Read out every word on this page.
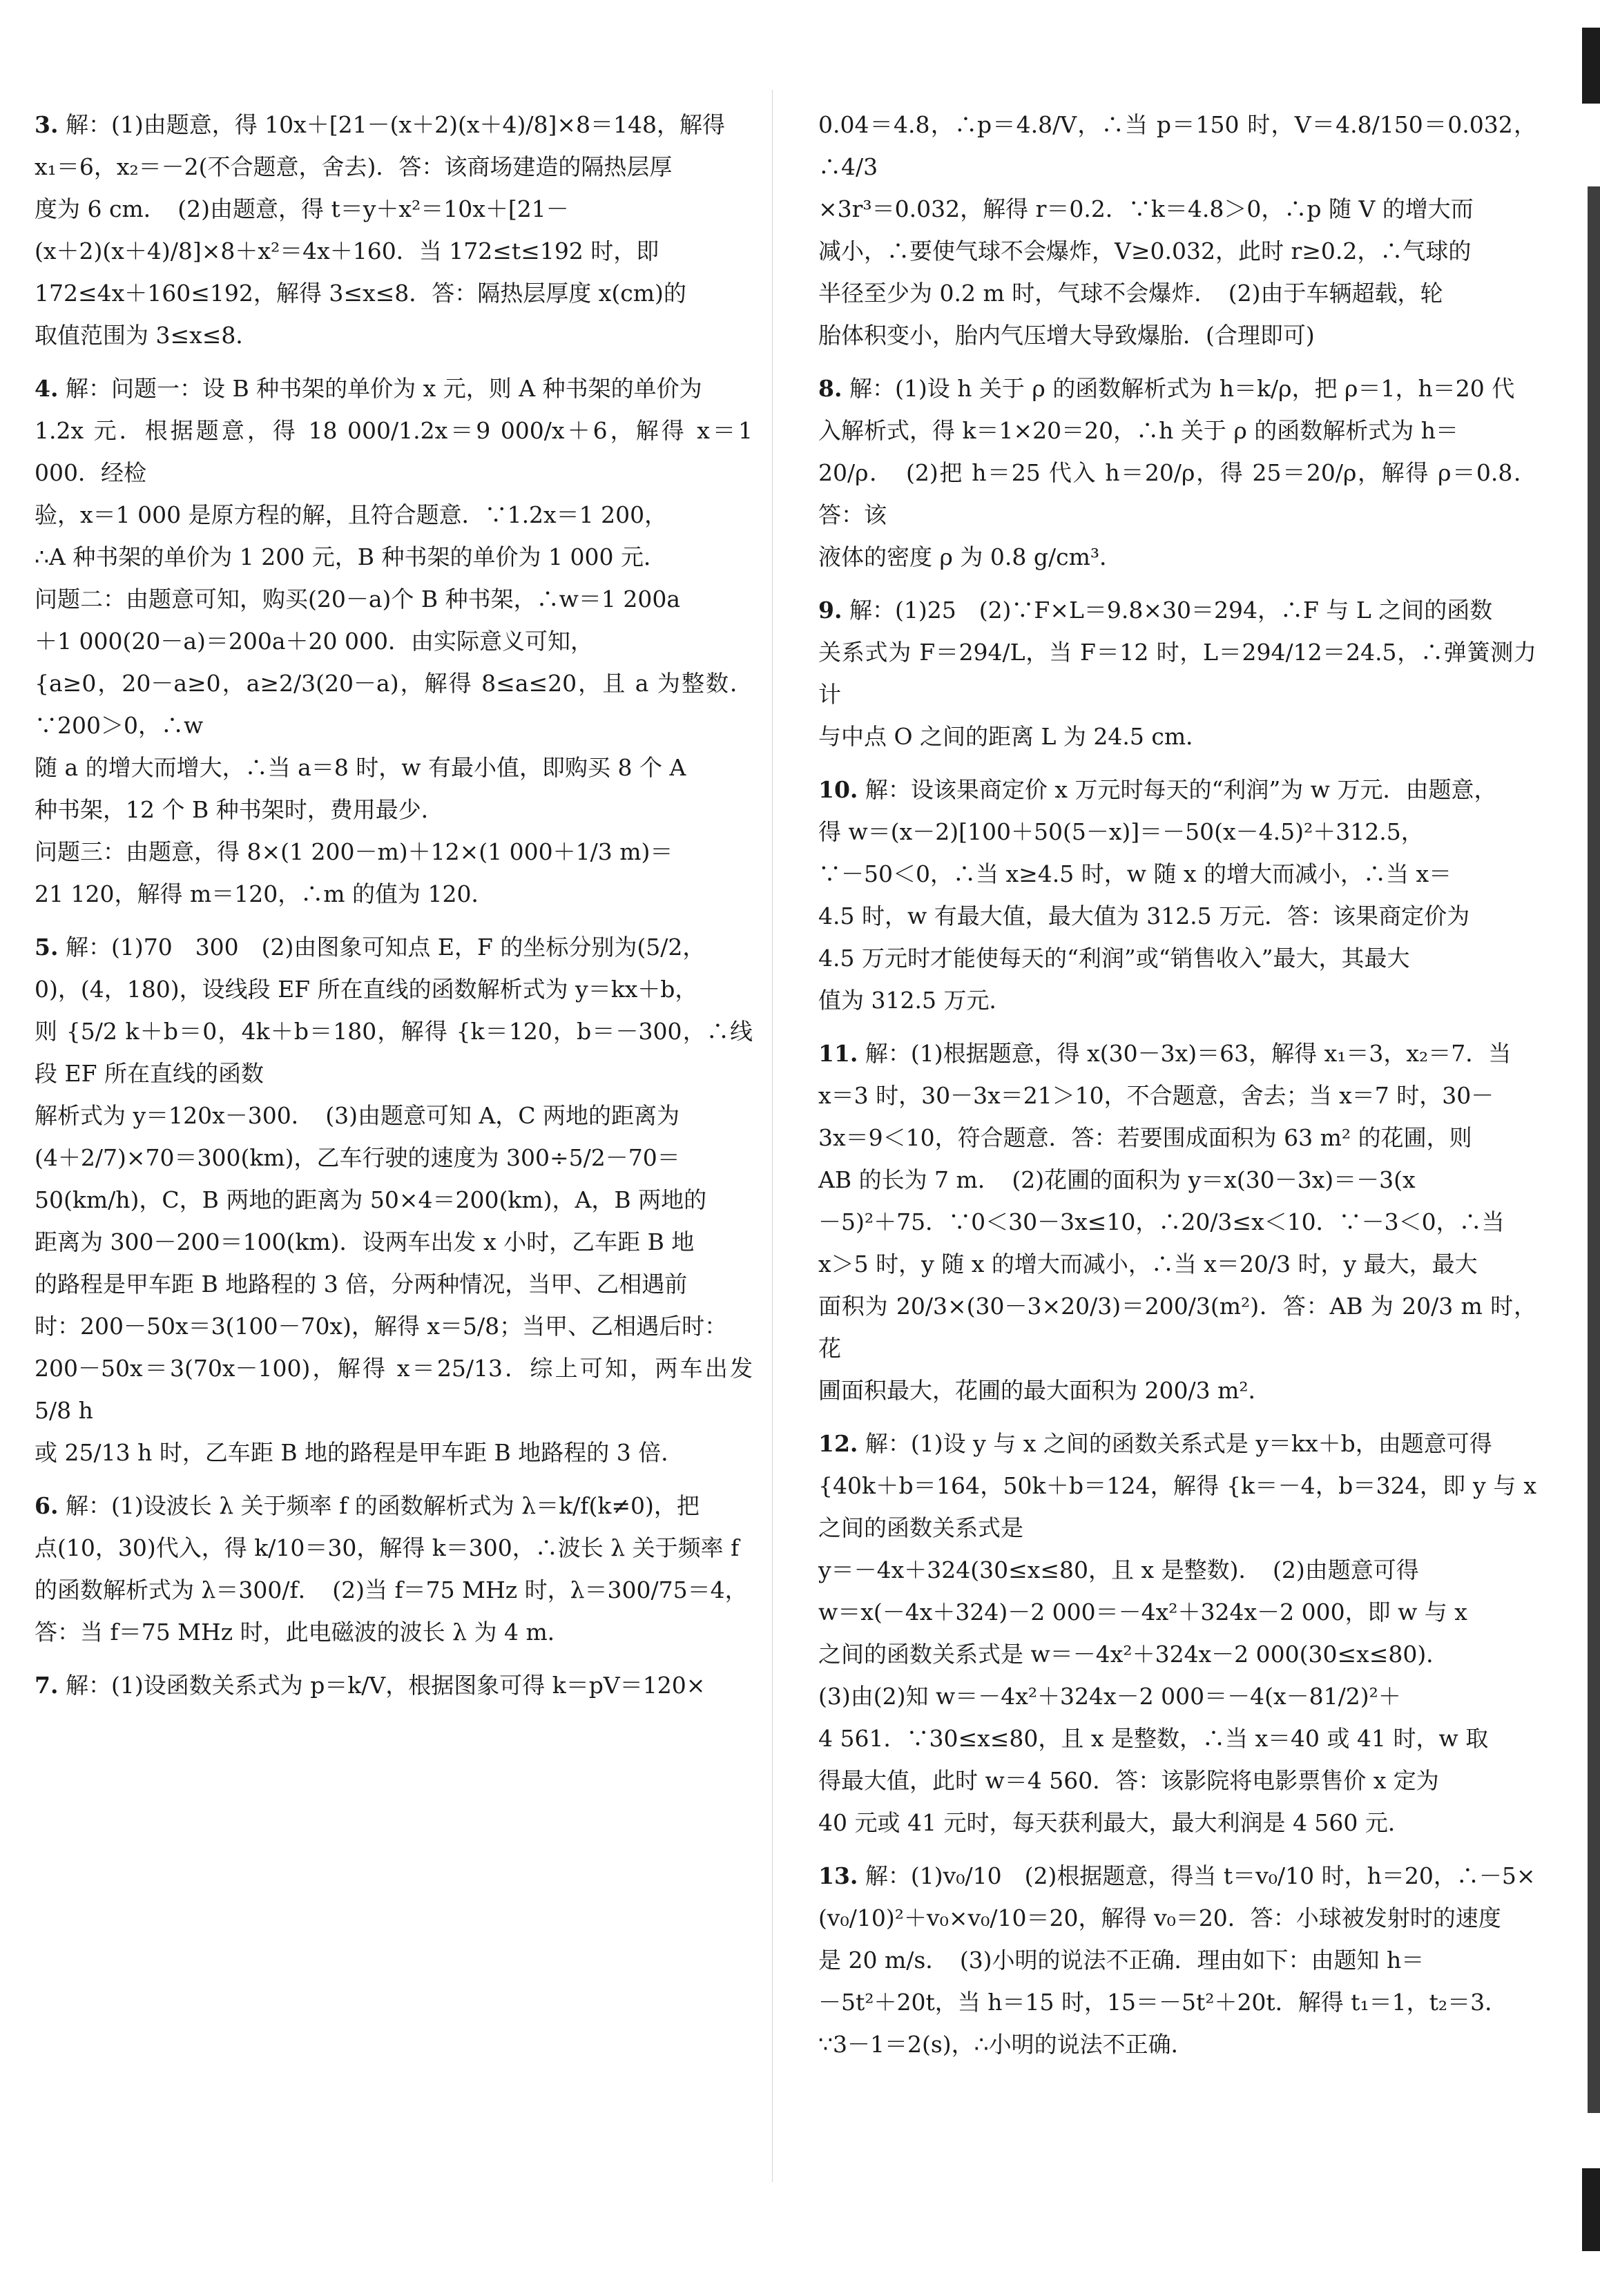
3. 解：(1)由题意，得 10x＋[21－(x＋2)(x＋4)/8]×8＝148，解得

x₁＝6，x₂＝－2(不合题意，舍去)．答：该商场建造的隔热层厚

度为 6 cm．　(2)由题意，得 t＝y＋x²＝10x＋[21－

(x＋2)(x＋4)/8]×8＋x²＝4x＋160．当 172≤t≤192 时，即

172≤4x＋160≤192，解得 3≤x≤8．答：隔热层厚度 x(cm)的

取值范围为 3≤x≤8．

4. 解：问题一：设 B 种书架的单价为 x 元，则 A 种书架的单价为

1.2x 元．根据题意，得 18 000/1.2x＝9 000/x＋6，解得 x＝1 000．经检

验，x＝1 000 是原方程的解，且符合题意．∵1.2x＝1 200，

∴A 种书架的单价为 1 200 元，B 种书架的单价为 1 000 元．

问题二：由题意可知，购买(20－a)个 B 种书架，∴w＝1 200a

＋1 000(20－a)＝200a＋20 000．由实际意义可知，

{a≥0，20－a≥0，a≥2/3(20－a)，解得 8≤a≤20，且 a 为整数．∵200＞0，∴w

随 a 的增大而增大，∴当 a＝8 时，w 有最小值，即购买 8 个 A

种书架，12 个 B 种书架时，费用最少．

问题三：由题意，得 8×(1 200－m)＋12×(1 000＋1/3 m)＝

21 120，解得 m＝120，∴m 的值为 120．

5. 解：(1)70　300　(2)由图象可知点 E，F 的坐标分别为(5/2，

0)，(4，180)，设线段 EF 所在直线的函数解析式为 y＝kx＋b，

则 {5/2 k＋b＝0，4k＋b＝180，解得 {k＝120，b＝－300，∴线段 EF 所在直线的函数

解析式为 y＝120x－300．　(3)由题意可知 A，C 两地的距离为

(4＋2/7)×70＝300(km)，乙车行驶的速度为 300÷5/2－70＝

50(km/h)，C，B 两地的距离为 50×4＝200(km)，A，B 两地的

距离为 300－200＝100(km)．设两车出发 x 小时，乙车距 B 地

的路程是甲车距 B 地路程的 3 倍，分两种情况，当甲、乙相遇前

时：200－50x＝3(100－70x)，解得 x＝5/8；当甲、乙相遇后时：

200－50x＝3(70x－100)，解得 x＝25/13．综上可知，两车出发 5/8 h

或 25/13 h 时，乙车距 B 地的路程是甲车距 B 地路程的 3 倍．

6. 解：(1)设波长 λ 关于频率 f 的函数解析式为 λ＝k/f(k≠0)，把

点(10，30)代入，得 k/10＝30，解得 k＝300，∴波长 λ 关于频率 f

的函数解析式为 λ＝300/f．　(2)当 f＝75 MHz 时，λ＝300/75＝4，

答：当 f＝75 MHz 时，此电磁波的波长 λ 为 4 m．

7. 解：(1)设函数关系式为 p＝k/V，根据图象可得 k＝pV＝120×

0.04＝4.8，∴p＝4.8/V，∴当 p＝150 时，V＝4.8/150＝0.032，∴4/3

×3r³＝0.032，解得 r＝0.2．∵k＝4.8＞0，∴p 随 V 的增大而

减小，∴要使气球不会爆炸，V≥0.032，此时 r≥0.2，∴气球的

半径至少为 0.2 m 时，气球不会爆炸．　(2)由于车辆超载，轮

胎体积变小，胎内气压增大导致爆胎．(合理即可)

8. 解：(1)设 h 关于 ρ 的函数解析式为 h＝k/ρ，把 ρ＝1，h＝20 代

入解析式，得 k＝1×20＝20，∴h 关于 ρ 的函数解析式为 h＝

20/ρ．　(2)把 h＝25 代入 h＝20/ρ，得 25＝20/ρ，解得 ρ＝0.8．答：该

液体的密度 ρ 为 0.8 g/cm³．

9. 解：(1)25　(2)∵F×L＝9.8×30＝294，∴F 与 L 之间的函数

关系式为 F＝294/L，当 F＝12 时，L＝294/12＝24.5，∴弹簧测力计

与中点 O 之间的距离 L 为 24.5 cm．

10. 解：设该果商定价 x 万元时每天的“利润”为 w 万元．由题意，

得 w＝(x－2)[100＋50(5－x)]＝－50(x－4.5)²＋312.5，

∵－50＜0，∴当 x≥4.5 时，w 随 x 的增大而减小，∴当 x＝

4.5 时，w 有最大值，最大值为 312.5 万元．答：该果商定价为

4.5 万元时才能使每天的“利润”或“销售收入”最大，其最大

值为 312.5 万元．

11. 解：(1)根据题意，得 x(30－3x)＝63，解得 x₁＝3，x₂＝7．当

x＝3 时，30－3x＝21＞10，不合题意，舍去；当 x＝7 时，30－

3x＝9＜10，符合题意．答：若要围成面积为 63 m² 的花圃，则

AB 的长为 7 m．　(2)花圃的面积为 y＝x(30－3x)＝－3(x

－5)²＋75．∵0＜30－3x≤10，∴20/3≤x＜10．∵－3＜0，∴当

x＞5 时，y 随 x 的增大而减小，∴当 x＝20/3 时，y 最大，最大

面积为 20/3×(30－3×20/3)＝200/3(m²)．答：AB 为 20/3 m 时，花

圃面积最大，花圃的最大面积为 200/3 m²．

12. 解：(1)设 y 与 x 之间的函数关系式是 y＝kx＋b，由题意可得

{40k＋b＝164，50k＋b＝124，解得 {k＝－4，b＝324，即 y 与 x 之间的函数关系式是

y＝－4x＋324(30≤x≤80，且 x 是整数)．　(2)由题意可得

w＝x(－4x＋324)－2 000＝－4x²＋324x－2 000，即 w 与 x

之间的函数关系式是 w＝－4x²＋324x－2 000(30≤x≤80)．

(3)由(2)知 w＝－4x²＋324x－2 000＝－4(x－81/2)²＋

4 561．∵30≤x≤80，且 x 是整数，∴当 x＝40 或 41 时，w 取

得最大值，此时 w＝4 560．答：该影院将电影票售价 x 定为

40 元或 41 元时，每天获利最大，最大利润是 4 560 元．

13. 解：(1)v₀/10　(2)根据题意，得当 t＝v₀/10 时，h＝20，∴－5×

(v₀/10)²＋v₀×v₀/10＝20，解得 v₀＝20．答：小球被发射时的速度

是 20 m/s．　(3)小明的说法不正确．理由如下：由题知 h＝

－5t²＋20t，当 h＝15 时，15＝－5t²＋20t．解得 t₁＝1，t₂＝3．

∵3－1＝2(s)，∴小明的说法不正确．
